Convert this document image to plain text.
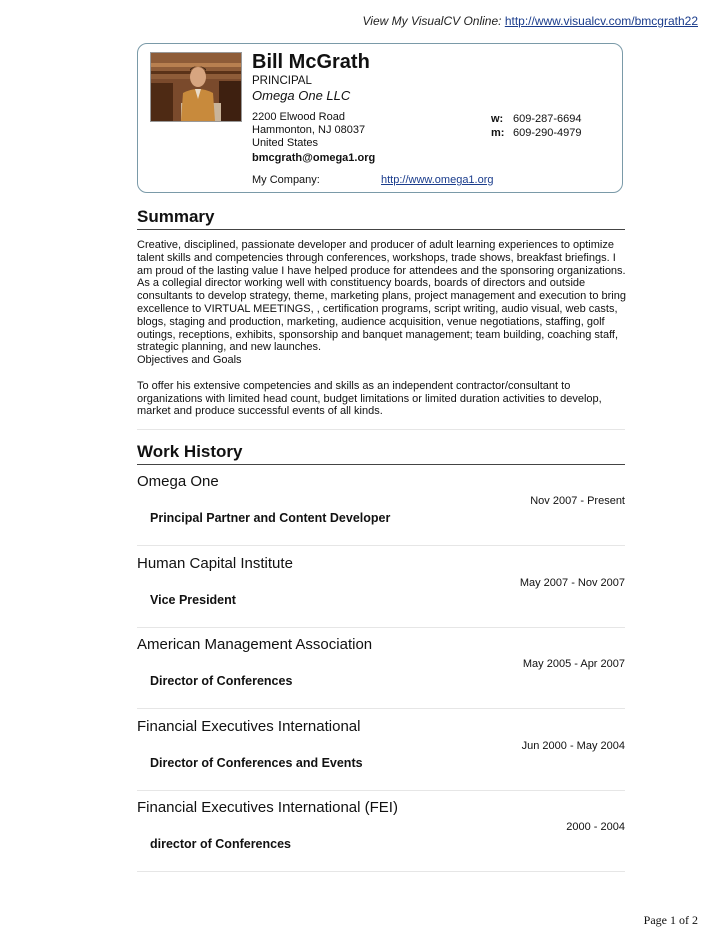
View My VisualCV Online: http://www.visualcv.com/bmcgrath22
Bill McGrath
PRINCIPAL
Omega One LLC
2200 Elwood Road
Hammonton, NJ 08037
United States
bmcgrath@omega1.org
My Company:	http://www.omega1.org
w: 609-287-6694
m: 609-290-4979
Summary

Creative, disciplined, passionate developer and producer of adult learning experiences to optimize talent skills and competencies through conferences, workshops, trade shows, breakfast briefings. I am proud of the lasting value I have helped produce for attendees and the sponsoring organizations. As a collegial director working well with constituency boards, boards of directors and outside consultants to develop strategy, theme, marketing plans, project management and execution to bring excellence to VIRTUAL MEETINGS, , certification programs, script writing, audio visual, web casts, blogs, staging and production, marketing, audience acquisition, venue negotiations, staffing, golf outings, receptions, exhibits, sponsorship and banquet management; team building, coaching staff, strategic planning, and new launches.

Objectives and Goals

To offer his extensive competencies and skills as an independent contractor/consultant to organizations with limited head count, budget limitations or limited duration activities to develop, market and produce successful events of all kinds.

Work History
Omega One
Nov 2007 - Present
Principal Partner and Content Developer
Human Capital Institute
May 2007 - Nov 2007
Vice President
American Management Association
May 2005 - Apr 2007
Director of Conferences
Financial Executives International
Jun 2000 - May 2004
Director of Conferences and Events
Financial Executives International (FEI)
2000 - 2004
director of Conferences
Page 1 of 2
